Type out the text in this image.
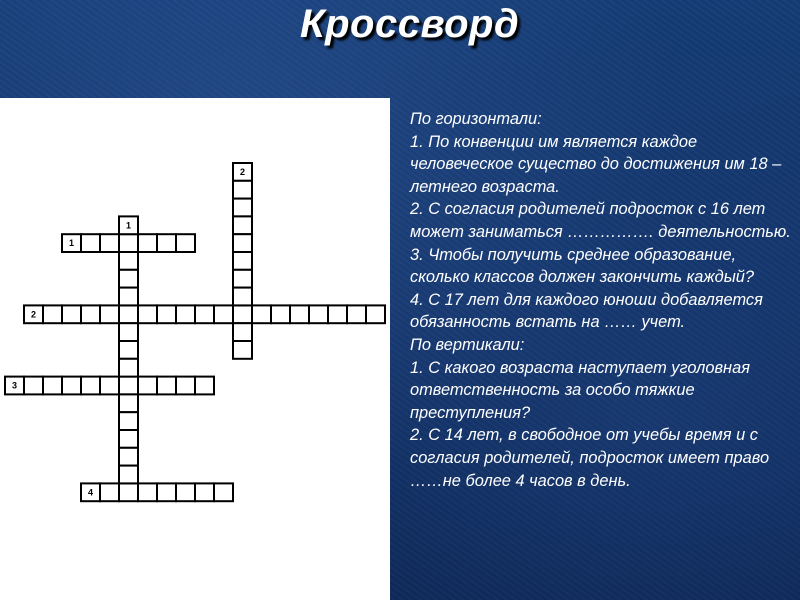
Кроссворд
1
2
3
4
1
2

По горизонтали:

1. По конвенции им является каждое человеческое существо до достижения им 18 –летнего возраста.

2. С согласия родителей подросток с 16 лет может заниматься ……………. деятельностью.

3. Чтобы получить среднее образование, сколько классов должен закончить каждый?

4. С 17 лет для каждого юноши добавляется обязанность встать на …… учет.

По вертикали:

1. С какого возраста наступает уголовная ответственность за особо тяжкие преступления?

2. С 14 лет, в свободное от учебы время и с согласия родителей, подросток имеет право ……не более 4 часов в день.
